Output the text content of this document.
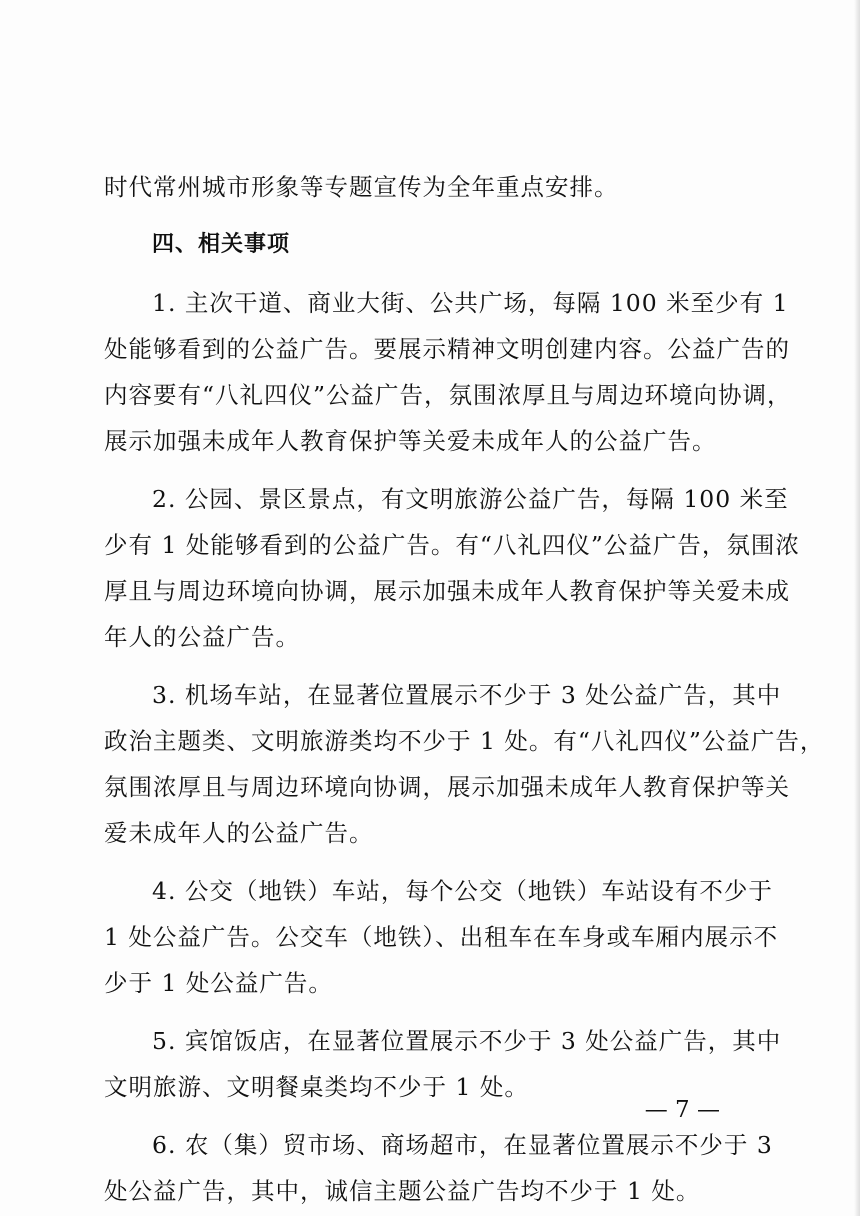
时代常州城市形象等专题宣传为全年重点安排。
四、相关事项
1. 主次干道、商业大街、公共广场，每隔 100 米至少有 1
处能够看到的公益广告。要展示精神文明创建内容。公益广告的
内容要有“八礼四仪”公益广告，氛围浓厚且与周边环境向协调，
展示加强未成年人教育保护等关爱未成年人的公益广告。
2. 公园、景区景点，有文明旅游公益广告，每隔 100 米至
少有 1 处能够看到的公益广告。有“八礼四仪”公益广告，氛围浓
厚且与周边环境向协调，展示加强未成年人教育保护等关爱未成
年人的公益广告。
3. 机场车站，在显著位置展示不少于 3 处公益广告，其中
政治主题类、文明旅游类均不少于 1 处。有“八礼四仪”公益广告，
氛围浓厚且与周边环境向协调，展示加强未成年人教育保护等关
爱未成年人的公益广告。
4. 公交（地铁）车站，每个公交（地铁）车站设有不少于
1 处公益广告。公交车（地铁）、出租车在车身或车厢内展示不
少于 1 处公益广告。
5. 宾馆饭店，在显著位置展示不少于 3 处公益广告，其中
文明旅游、文明餐桌类均不少于 1 处。
6. 农（集）贸市场、商场超市，在显著位置展示不少于 3
处公益广告，其中，诚信主题公益广告均不少于 1 处。
— 7 —
